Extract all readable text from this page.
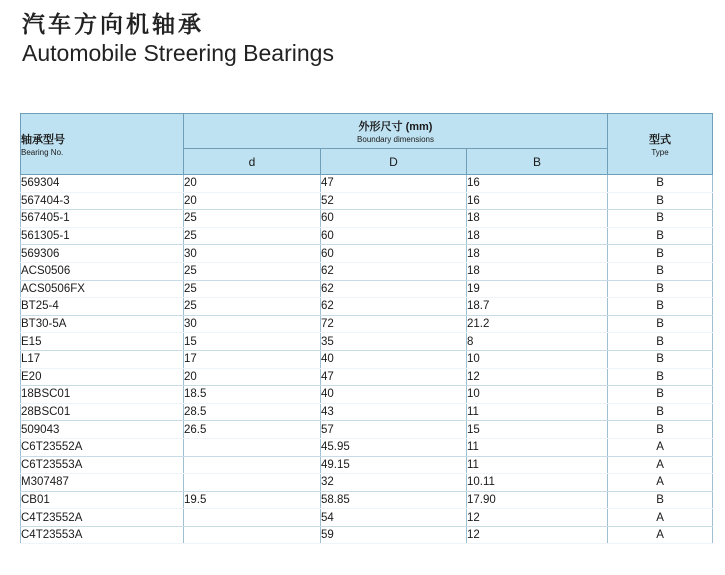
汽车方向机轴承
Automobile Streering Bearings
轴承型号
Bearing No.	外形尺寸 (mm)
Boundary dimensions			型式
Type

	d	D	B	
569304	20	47	16	B
567404-3	20	52	16	B
567405-1	25	60	18	B
561305-1	25	60	18	B
569306	30	60	18	B
ACS0506	25	62	18	B
ACS0506FX	25	62	19	B
BT25-4	25	62	18.7	B
BT30-5A	30	72	21.2	B
E15	15	35	8	B
L17	17	40	10	B
E20	20	47	12	B
18BSC01	18.5	40	10	B
28BSC01	28.5	43	11	B
509043	26.5	57	15	B
C6T23552A		45.95	11	A
C6T23553A		49.15	11	A
M307487		32	10.11	A
CB01	19.5	58.85	17.90	B
C4T23552A		54	12	A
C4T23553A		59	12	A
